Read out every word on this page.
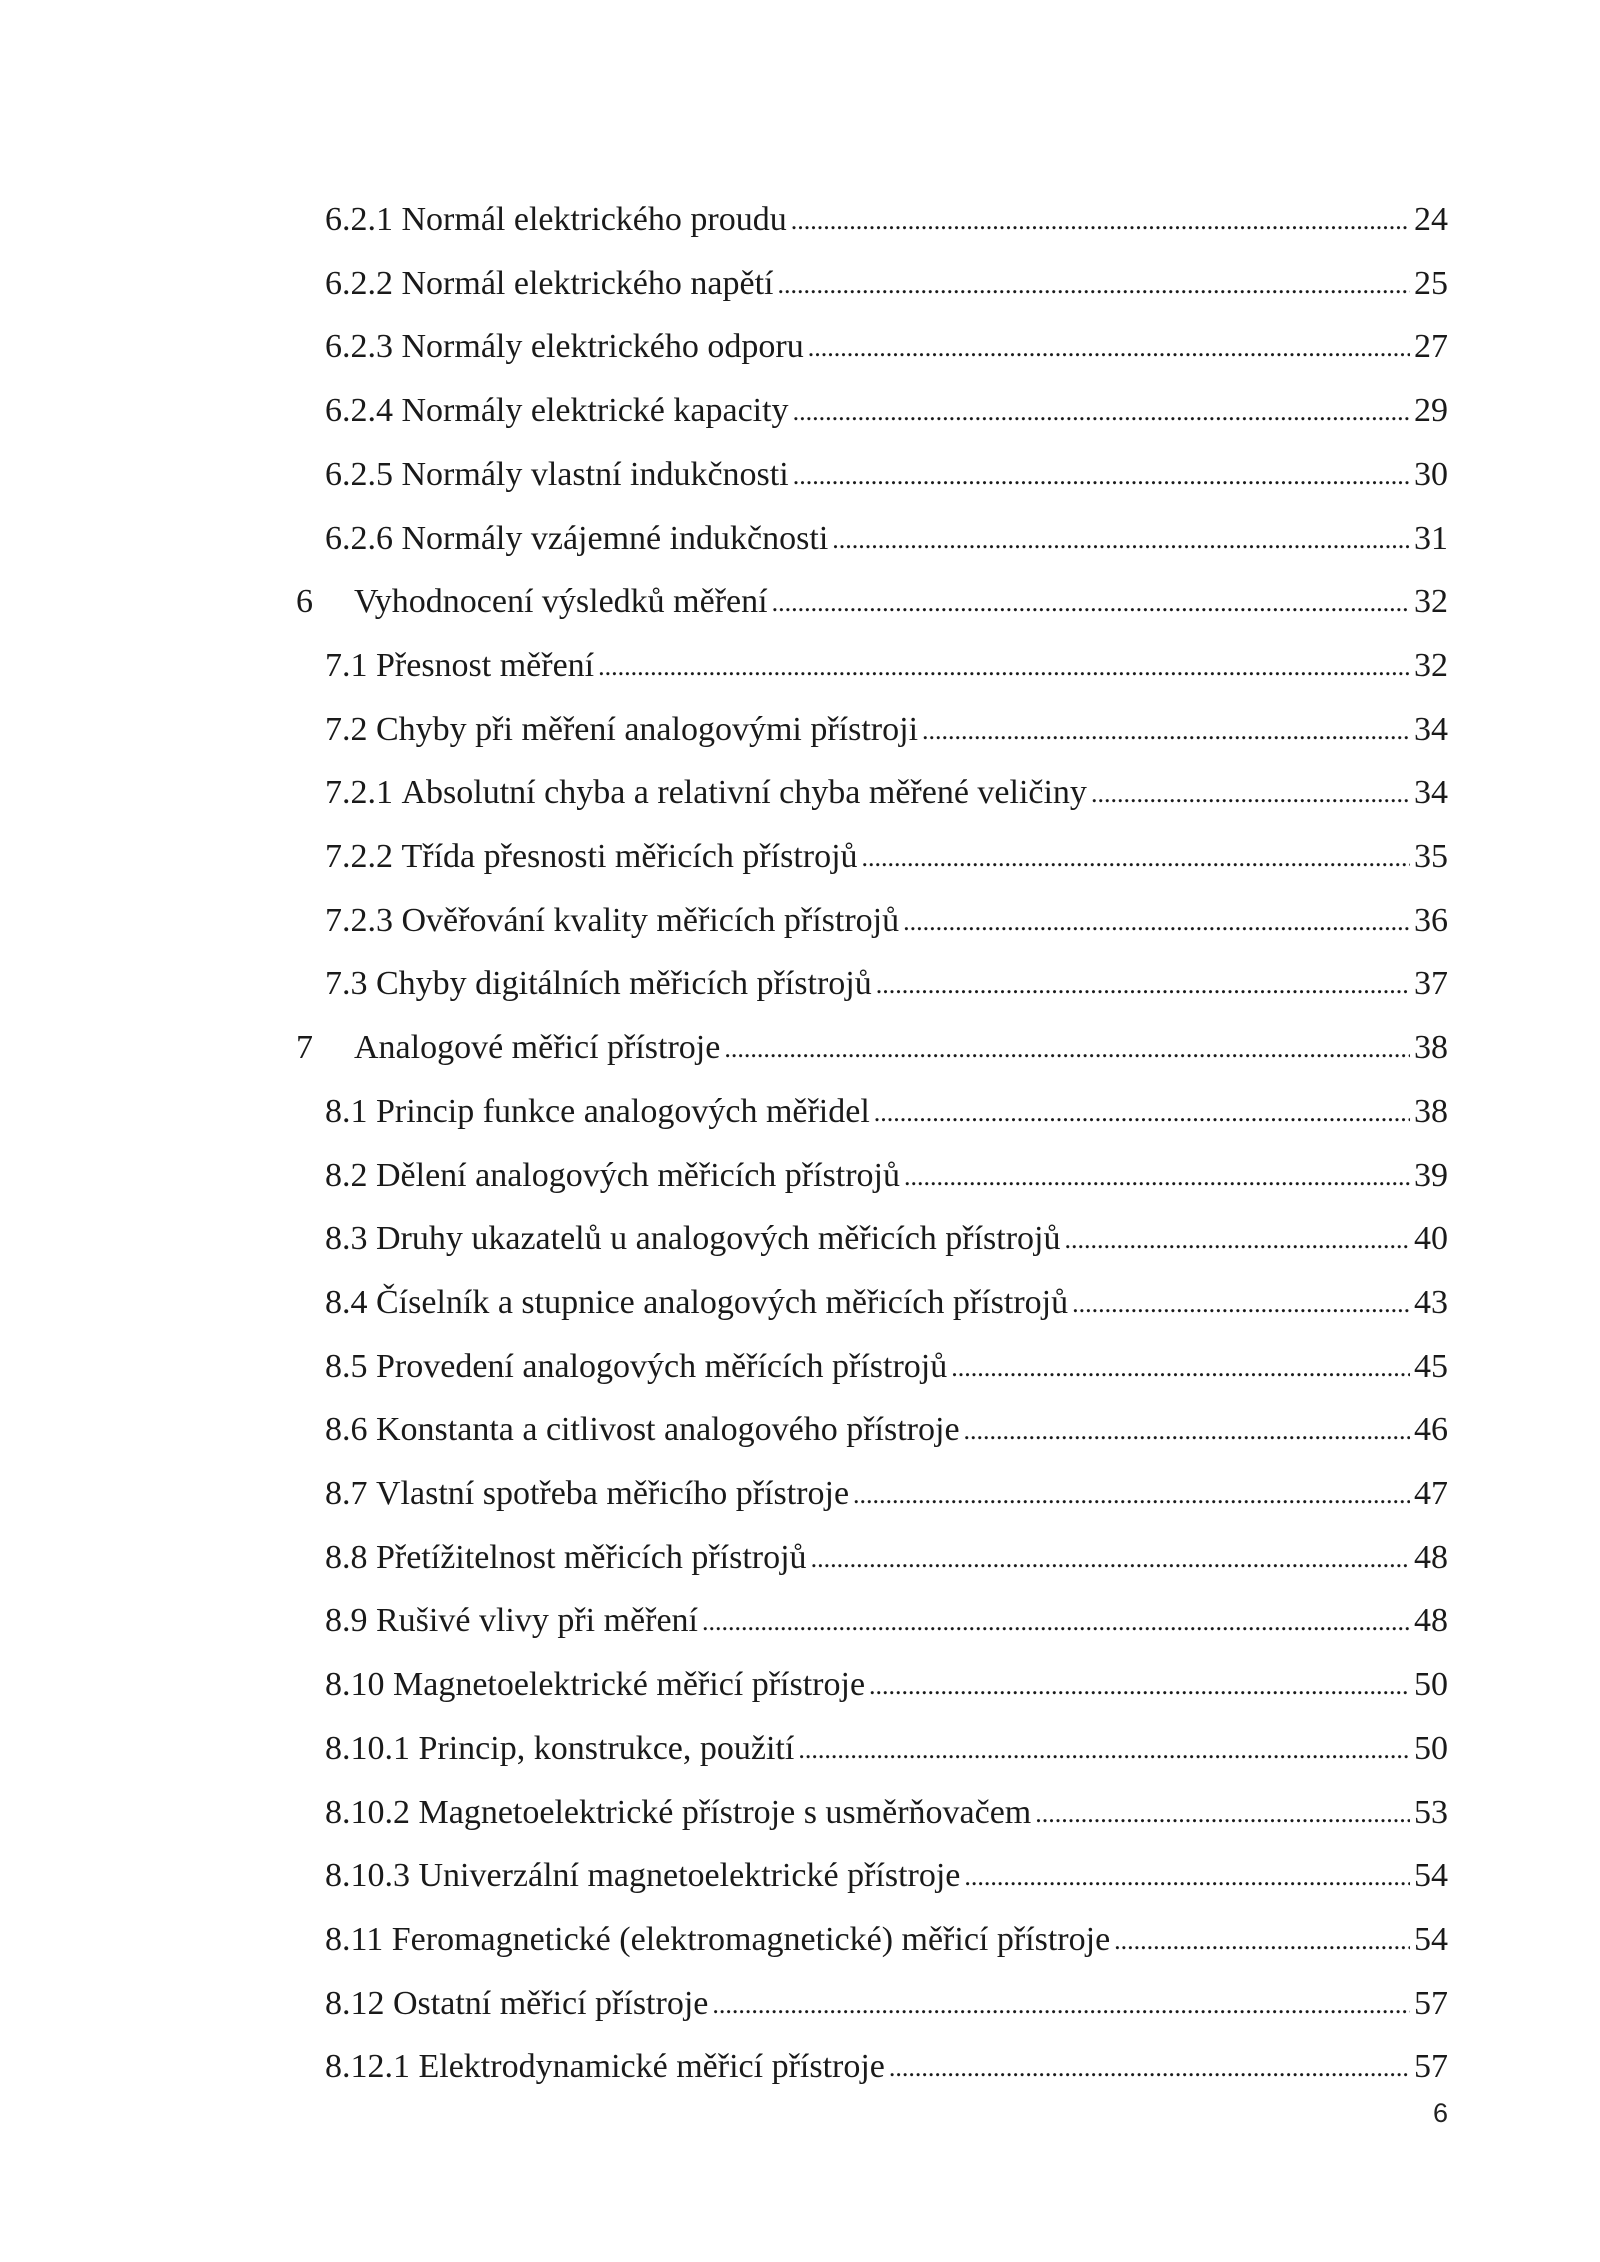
6.2.1 Normál elektrického proudu .....	24
6.2.2 Normál elektrického napětí .....	25
6.2.3 Normály elektrického odporu .....	27
6.2.4 Normály elektrické kapacity .....	29
6.2.5 Normály vlastní indukčnosti .....	30
6.2.6 Normály vzájemné indukčnosti .....	31
6	Vyhodnocení výsledků měření .....	32
7.1 Přesnost měření .....	32
7.2 Chyby při měření analogovými přístroji .....	34
7.2.1 Absolutní chyba a relativní chyba měřené veličiny .....	34
7.2.2 Třída přesnosti měřicích přístrojů .....	35
7.2.3 Ověřování kvality měřicích přístrojů .....	36
7.3 Chyby digitálních měřicích přístrojů .....	37
7	Analogové měřicí přístroje .....	38
8.1 Princip funkce analogových měřidel .....	38
8.2 Dělení analogových měřicích přístrojů .....	39
8.3 Druhy ukazatelů u analogových měřicích přístrojů .....	40
8.4 Číselník a stupnice analogových měřicích přístrojů .....	43
8.5 Provedení analogových měřících přístrojů .....	45
8.6 Konstanta a citlivost analogového přístroje .....	46
8.7 Vlastní spotřeba měřicího přístroje .....	47
8.8 Přetížitelnost měřicích přístrojů .....	48
8.9 Rušivé vlivy při měření .....	48
8.10 Magnetoelektrické měřicí přístroje .....	50
8.10.1 Princip, konstrukce, použití .....	50
8.10.2 Magnetoelektrické přístroje s usměrňovačem .....	53
8.10.3 Univerzální magnetoelektrické přístroje .....	54
8.11 Feromagnetické (elektromagnetické) měřicí přístroje .....	54
8.12 Ostatní měřicí přístroje .....	57
8.12.1 Elektrodynamické měřicí přístroje .....	57
6
